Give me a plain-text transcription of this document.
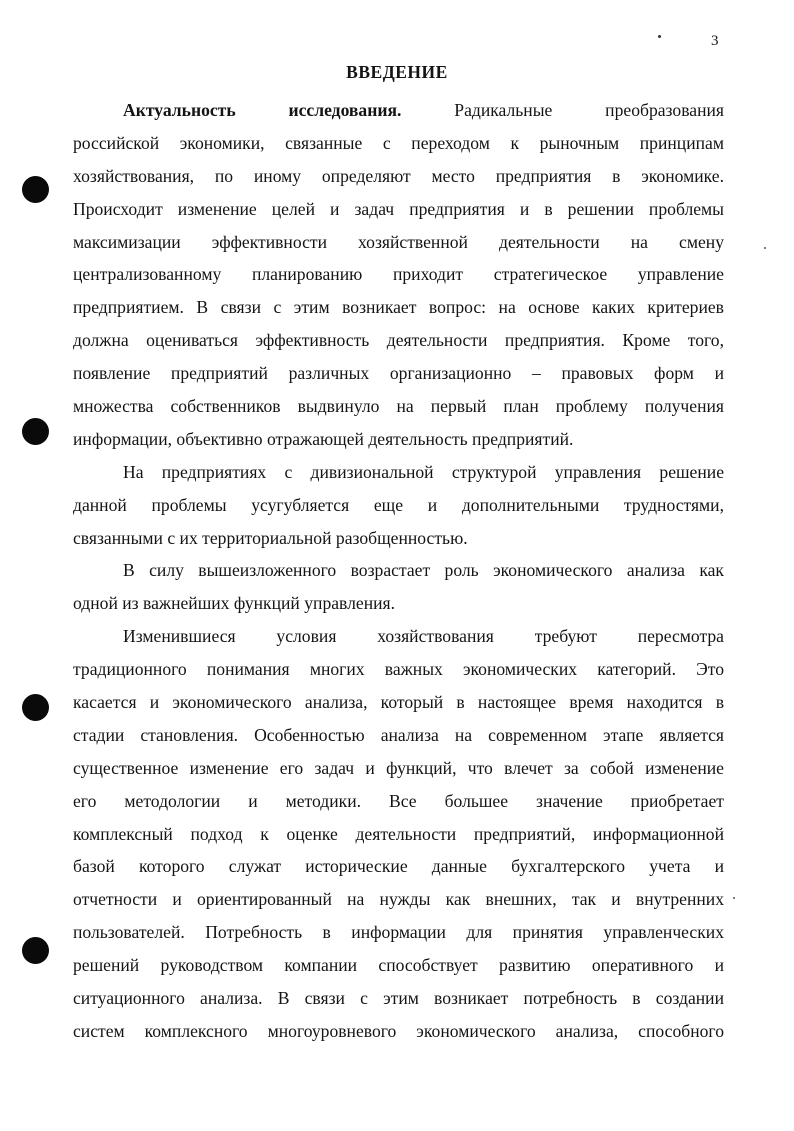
3
ВВЕДЕНИЕ
Актуальность исследования.	Радикальные преобразования
российской экономики, связанные с переходом к рыночным принципам
хозяйствования, по иному определяют место предприятия в экономике.
Происходит изменение целей и задач предприятия и в решении проблемы
максимизации эффективности хозяйственной деятельности на смену
централизованному планированию приходит стратегическое управление
предприятием. В связи с этим возникает вопрос: на основе каких критериев
должна оцениваться эффективность деятельности предприятия. Кроме того,
появление предприятий различных организационно – правовых форм и
множества собственников выдвинуло на первый план проблему получения
информации, объективно отражающей деятельность предприятий.
На предприятиях с дивизиональной структурой управления решение
данной проблемы усугубляется еще и дополнительными трудностями,
связанными с их территориальной разобщенностью.
В силу вышеизложенного возрастает роль экономического анализа как
одной из важнейших функций управления.
Изменившиеся условия хозяйствования требуют пересмотра
традиционного понимания многих важных экономических категорий. Это
касается и экономического анализа, который в настоящее время находится в
стадии становления. Особенностью анализа на современном этапе является
существенное изменение его задач и функций, что влечет за собой изменение
его методологии и методики. Все большее значение приобретает
комплексный подход к оценке деятельности предприятий, информационной
базой которого служат исторические данные бухгалтерского учета и
отчетности и ориентированный на нужды как внешних, так и внутренних
пользователей. Потребность в информации для принятия управленческих
решений руководством компании способствует развитию оперативного и
ситуационного анализа. В связи с этим возникает потребность в создании
систем комплексного многоуровневого экономического анализа, способного
